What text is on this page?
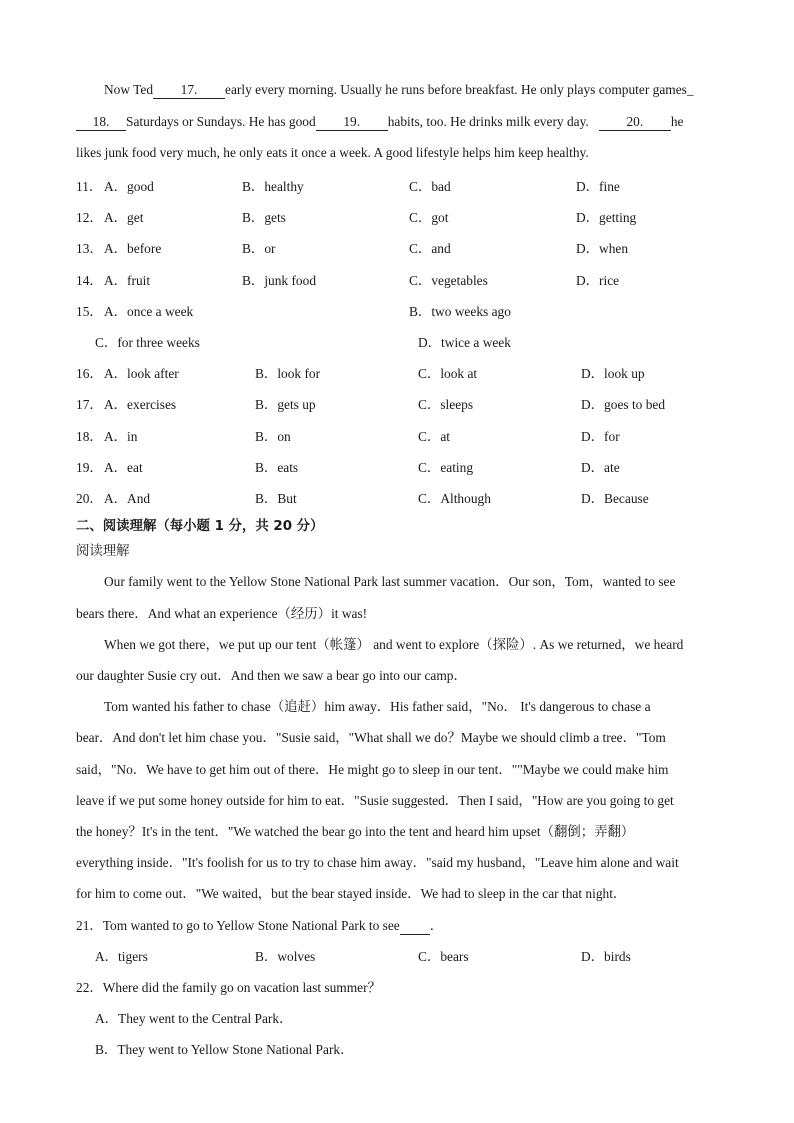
Now Ted 17. early every morning. Usually he runs before breakfast. He only plays computer games_
18. Saturdays or Sundays. He has good 19. habits, too. He drinks milk every day.	20. he
likes junk food very much, he only eats it once a week. A good lifestyle helps him keep healthy.
11． A．good	B．healthy	C．bad	D．fine
12． A．get	B．gets	C．got	D．getting
13． A．before	B．or	C．and	D．when
14． A．fruit	B．junk food	C．vegetables	D．rice
15． A．once a week	B．two weeks ago
C．for three weeks	D．twice a week
16． A．look after	B．look for	C．look at	D．look up
17． A．exercises	B．gets up	C．sleeps	D．goes to bed
18． A．in	B．on	C．at	D．for
19． A．eat	B．eats	C．eating	D．ate
20． A．And	B．But	C．Although	D．Because
二、阅读理解（每小题 1 分，共 20 分）
阅读理解
Our family went to the Yellow Stone National Park last summer vacation．Our son，Tom，wanted to see
bears there．And what an experience（经历）it was!
When we got there，we put up our tent（帐篷） and went to explore（探险）. As we returned，we heard
our daughter Susie cry out．And then we saw a bear go into our camp．
Tom wanted his father to chase（追赶）him away．His father said，"No． It's dangerous to chase a
bear．And don't let him chase you．"Susie said，"What shall we do？Maybe we should climb a tree．"Tom
said，"No．We have to get him out of there．He might go to sleep in our tent．""Maybe we could make him
leave if we put some honey outside for him to eat．"Susie suggested．Then I said，"How are you going to get
the honey？It's in the tent．"We watched the bear go into the tent and heard him upset（翻倒；弄翻）
everything inside．"It's foolish for us to try to chase him away．"said my husband，"Leave him alone and wait
for him to come out．"We waited，but the bear stayed inside．We had to sleep in the car that night．
21．Tom wanted to go to Yellow Stone National Park to see ．
A．tigers	B．wolves	C．bears	D．birds
22．Where did the family go on vacation last summer？
A．They went to the Central Park．
B．They went to Yellow Stone National Park．
